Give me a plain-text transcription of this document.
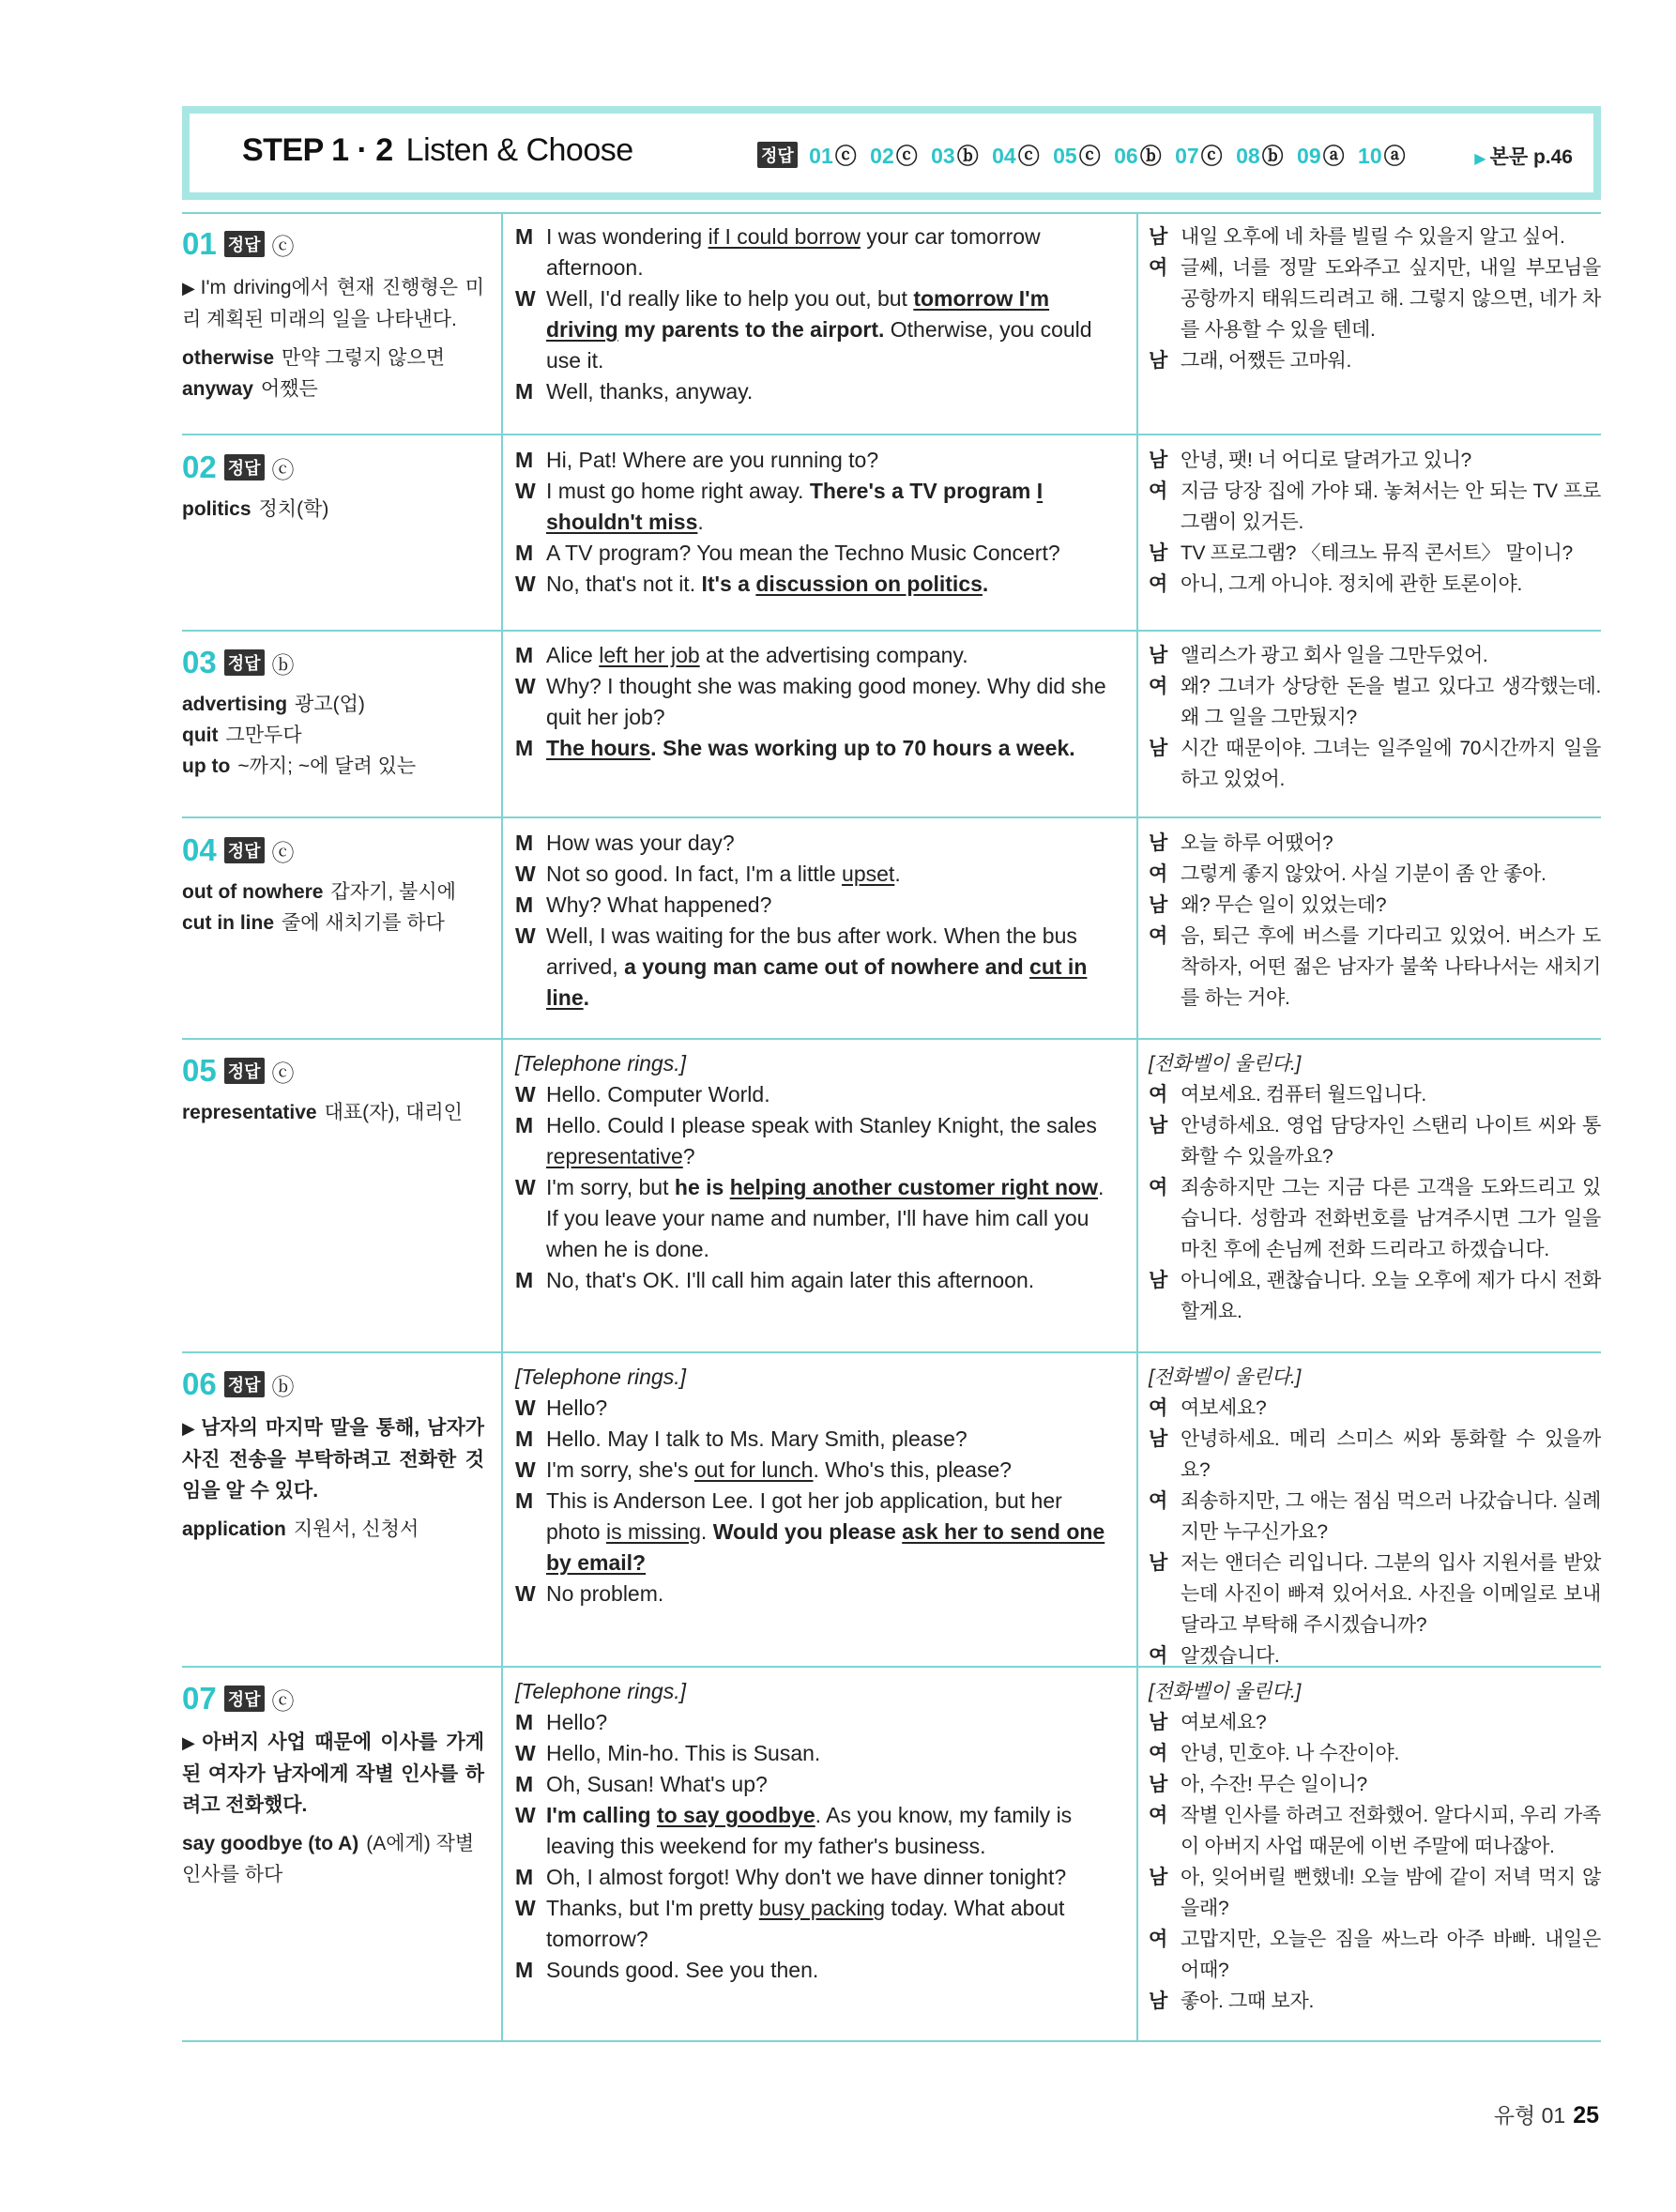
STEP 1 · 2 Listen & Choose	정답 01ⓒ 02ⓒ 03ⓑ 04ⓒ 05ⓒ 06ⓑ 07ⓒ 08ⓑ 09ⓐ 10ⓐ	▶ 본문 p.46
01 정답 ⓒ
▶ I'm driving에서 현재 진행형은 미리 계획된 미래의 일을 나타낸다.
otherwise 만약 그렇지 않으면
anyway 어쨌든
M I was wondering if I could borrow your car tomorrow afternoon.
W Well, I'd really like to help you out, but tomorrow I'm driving my parents to the airport. Otherwise, you could use it.
M Well, thanks, anyway.
남 내일 오후에 네 차를 빌릴 수 있을지 알고 싶어.
여 글쎄, 너를 정말 도와주고 싶지만, 내일 부모님을 공항까지 태워드리려고 해. 그렇지 않으면, 네가 차를 사용할 수 있을 텐데.
남 그래, 어쨌든 고마워.
02 정답 ⓒ
politics 정치(학)
M Hi, Pat! Where are you running to?
W I must go home right away. There's a TV program I shouldn't miss.
M A TV program? You mean the Techno Music Concert?
W No, that's not it. It's a discussion on politics.
남 안녕, 팻! 너 어디로 달려가고 있니?
여 지금 당장 집에 가야 돼. 놓쳐서는 안 되는 TV 프로그램이 있거든.
남 TV 프로그램? 〈테크노 뮤직 콘서트〉 말이니?
여 아니, 그게 아니야. 정치에 관한 토론이야.
03 정답 ⓑ
advertising 광고(업)
quit 그만두다
up to ~까지; ~에 달려 있는
M Alice left her job at the advertising company.
W Why? I thought she was making good money. Why did she quit her job?
M The hours. She was working up to 70 hours a week.
남 앨리스가 광고 회사 일을 그만두었어.
여 왜? 그녀가 상당한 돈을 벌고 있다고 생각했는데. 왜 그 일을 그만뒀지?
남 시간 때문이야. 그녀는 일주일에 70시간까지 일을 하고 있었어.
04 정답 ⓒ
out of nowhere 갑자기, 불시에
cut in line 줄에 새치기를 하다
M How was your day?
W Not so good. In fact, I'm a little upset.
M Why? What happened?
W Well, I was waiting for the bus after work. When the bus arrived, a young man came out of nowhere and cut in line.
남 오늘 하루 어땠어?
여 그렇게 좋지 않았어. 사실 기분이 좀 안 좋아.
남 왜? 무슨 일이 있었는데?
여 음, 퇴근 후에 버스를 기다리고 있었어. 버스가 도착하자, 어떤 젊은 남자가 불쑥 나타나서는 새치기를 하는 거야.
05 정답 ⓒ
representative 대표(자), 대리인
[Telephone rings.]
W Hello. Computer World.
M Hello. Could I please speak with Stanley Knight, the sales representative?
W I'm sorry, but he is helping another customer right now. If you leave your name and number, I'll have him call you when he is done.
M No, that's OK. I'll call him again later this afternoon.
[전화벨이 울린다.]
여 여보세요. 컴퓨터 월드입니다.
남 안녕하세요. 영업 담당자인 스탠리 나이트 씨와 통화할 수 있을까요?
여 죄송하지만 그는 지금 다른 고객을 도와드리고 있습니다. 성함과 전화번호를 남겨주시면 그가 일을 마친 후에 손님께 전화 드리라고 하겠습니다.
남 아니에요, 괜찮습니다. 오늘 오후에 제가 다시 전화할게요.
06 정답 ⓑ
▶ 남자의 마지막 말을 통해, 남자가 사진 전송을 부탁하려고 전화한 것임을 알 수 있다.
application 지원서, 신청서
[Telephone rings.]
W Hello?
M Hello. May I talk to Ms. Mary Smith, please?
W I'm sorry, she's out for lunch. Who's this, please?
M This is Anderson Lee. I got her job application, but her photo is missing. Would you please ask her to send one by email?
W No problem.
[전화벨이 울린다.]
여 여보세요?
남 안녕하세요. 메리 스미스 씨와 통화할 수 있을까요?
여 죄송하지만, 그 애는 점심 먹으러 나갔습니다. 실례지만 누구신가요?
남 저는 앤더슨 리입니다. 그분의 입사 지원서를 받았는데 사진이 빠져 있어서요. 사진을 이메일로 보내 달라고 부탁해 주시겠습니까?
여 알겠습니다.
07 정답 ⓒ
▶ 아버지 사업 때문에 이사를 가게 된 여자가 남자에게 작별 인사를 하려고 전화했다.
say goodbye (to A) (A에게) 작별 인사를 하다
[Telephone rings.]
M Hello?
W Hello, Min-ho. This is Susan.
M Oh, Susan! What's up?
W I'm calling to say goodbye. As you know, my family is leaving this weekend for my father's business.
M Oh, I almost forgot! Why don't we have dinner tonight?
W Thanks, but I'm pretty busy packing today. What about tomorrow?
M Sounds good. See you then.
[전화벨이 울린다.]
남 여보세요?
여 안녕, 민호야. 나 수잔이야.
남 아, 수잔! 무슨 일이니?
여 작별 인사를 하려고 전화했어. 알다시피, 우리 가족이 아버지 사업 때문에 이번 주말에 떠나잖아.
남 아, 잊어버릴 뻔했네! 오늘 밤에 같이 저녁 먹지 않을래?
여 고맙지만, 오늘은 짐을 싸느라 아주 바빠. 내일은 어때?
남 좋아. 그때 보자.
유형 01 25
